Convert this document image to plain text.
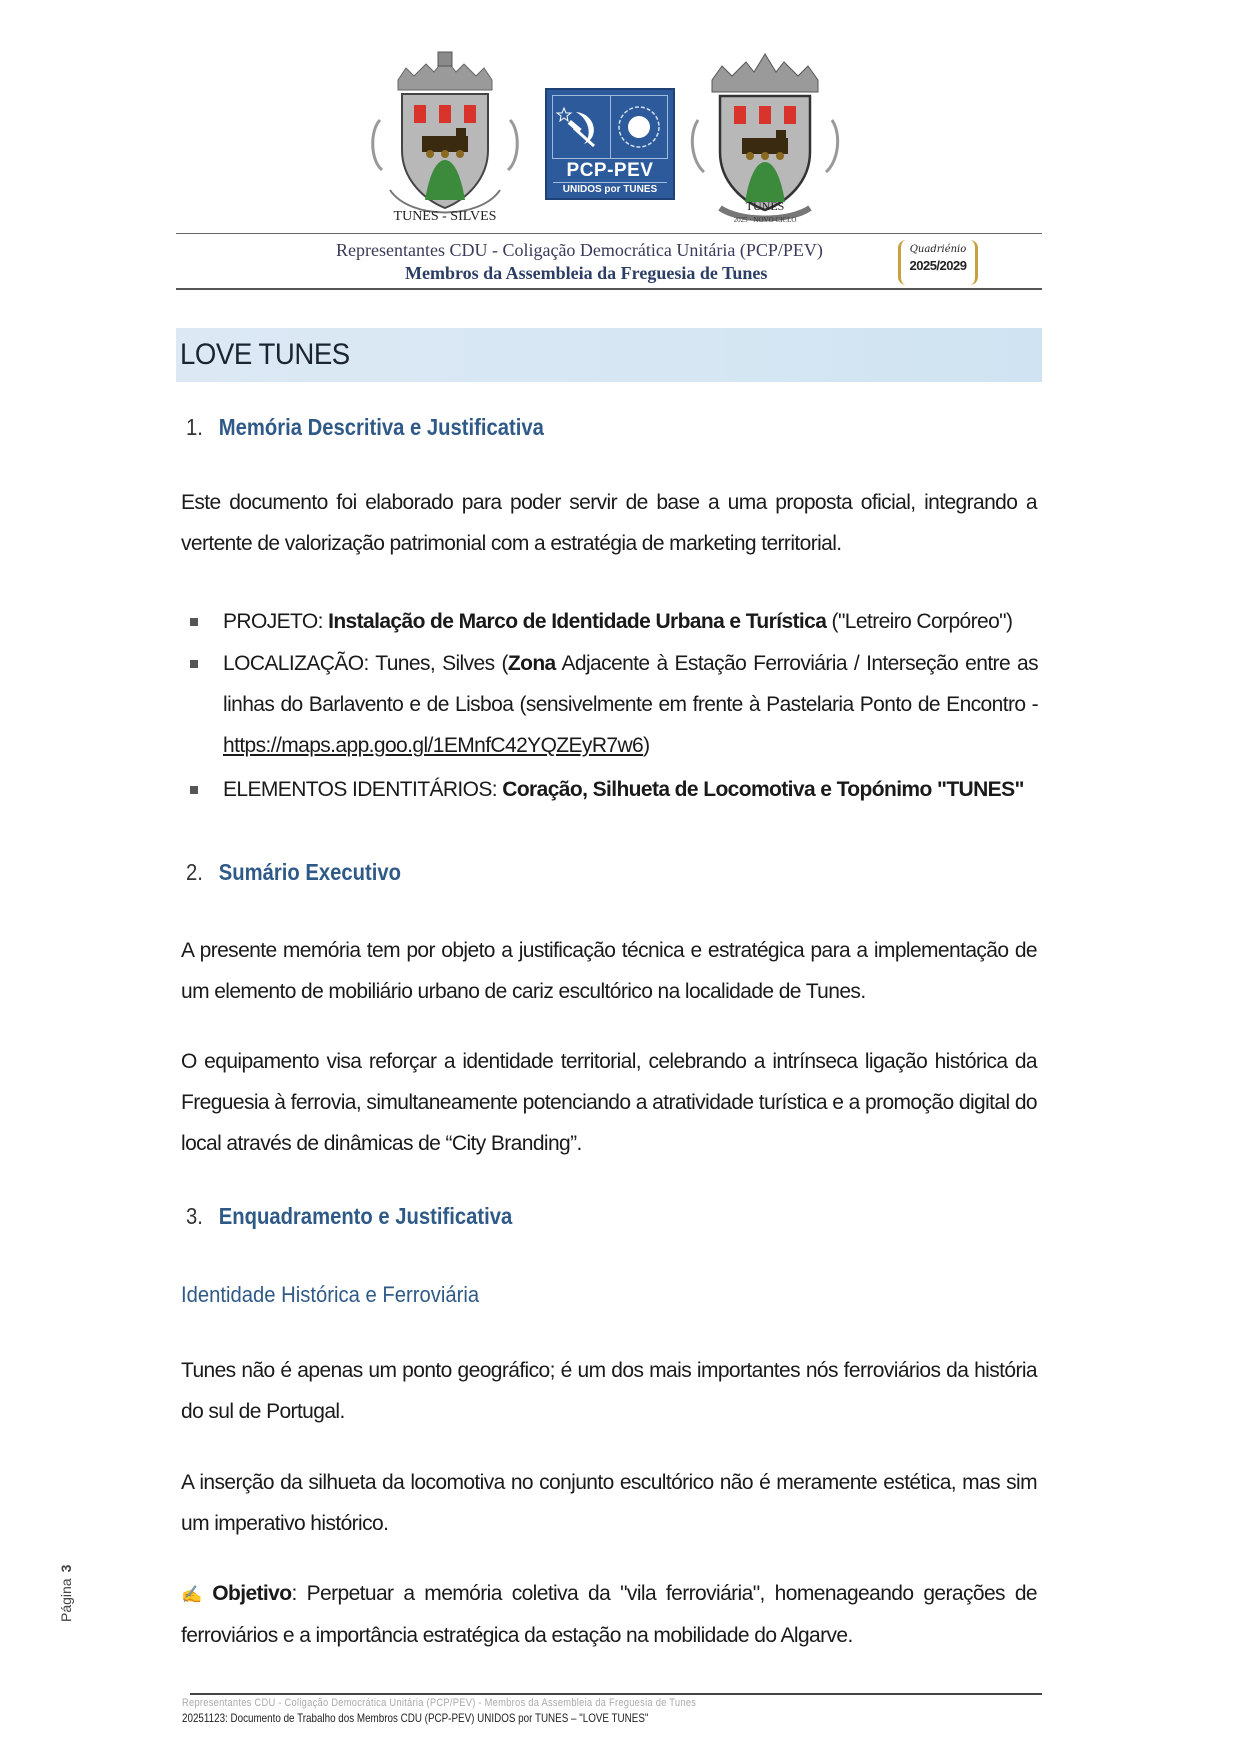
TUNES - SILVES
PCP-PEV
UNIDOS por TUNES
TUNES
2025 · NOVO CICLO
Representantes CDU - Coligação Democrática Unitária (PCP/PEV)
Membros da Assembleia da Freguesia de Tunes
Quadriénio
2025/2029
LOVE TUNES
1. Memória Descritiva e Justificativa
Este documento foi elaborado para poder servir de base a uma proposta oficial, integrando a vertente de valorização patrimonial com a estratégia de marketing territorial.
PROJETO: Instalação de Marco de Identidade Urbana e Turística ("Letreiro Corpóreo")
LOCALIZAÇÃO: Tunes, Silves (Zona Adjacente à Estação Ferroviária / Interseção entre as linhas do Barlavento e de Lisboa (sensivelmente em frente à Pastelaria Ponto de Encontro - https://maps.app.goo.gl/1EMnfC42YQZEyR7w6)
ELEMENTOS IDENTITÁRIOS: Coração, Silhueta de Locomotiva e Topónimo "TUNES"
2. Sumário Executivo
A presente memória tem por objeto a justificação técnica e estratégica para a implementação de um elemento de mobiliário urbano de cariz escultórico na localidade de Tunes.
O equipamento visa reforçar a identidade territorial, celebrando a intrínseca ligação histórica da Freguesia à ferrovia, simultaneamente potenciando a atratividade turística e a promoção digital do local através de dinâmicas de “City Branding”.
3. Enquadramento e Justificativa
Identidade Histórica e Ferroviária
Tunes não é apenas um ponto geográfico; é um dos mais importantes nós ferroviários da história do sul de Portugal.
A inserção da silhueta da locomotiva no conjunto escultórico não é meramente estética, mas sim um imperativo histórico.
✍ Objetivo: Perpetuar a memória coletiva da "vila ferroviária", homenageando gerações de ferroviários e a importância estratégica da estação na mobilidade do Algarve.
Página3
Representantes CDU - Coligação Democrática Unitária (PCP/PEV) - Membros da Assembleia da Freguesia de Tunes
20251123: Documento de Trabalho dos Membros CDU (PCP-PEV) UNIDOS por TUNES – "LOVE TUNES"
